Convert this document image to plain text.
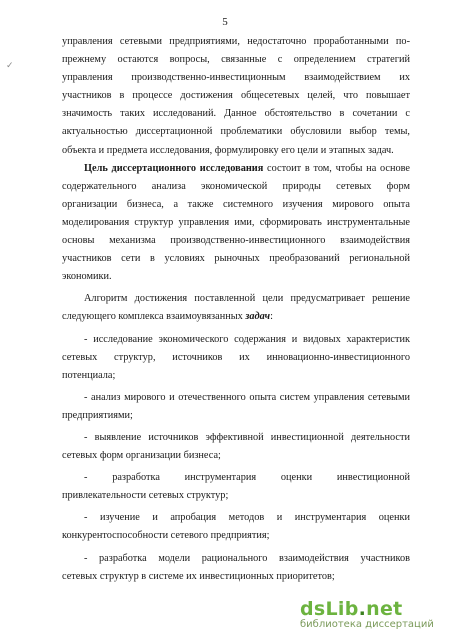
5
✓

управления сетевыми предприятиями, недостаточно проработанными по-
прежнему остаются вопросы, связанные с определением стратегий
управления производственно-инвестиционным взаимодействием их
участников в процессе достижения общесетевых целей, что повышает
значимость таких исследований. Данное обстоятельство в сочетании с
актуальностью диссертационной проблематики обусловили выбор темы,
объекта и предмета исследования, формулировку его цели и этапных задач.

Цель диссертационного исследования состоит в том, чтобы на основе
содержательного анализа экономической природы сетевых форм
организации бизнеса, а также системного изучения мирового опыта
моделирования структур управления ими, сформировать инструментальные
основы механизма производственно-инвестиционного взаимодействия
участников сети в условиях рыночных преобразований региональной
экономики.

Алгоритм достижения поставленной цели предусматривает решение
следующего комплекса взаимоувязанных задач:

- исследование экономического содержания и видовых характеристик
сетевых структур, источников их инновационно-инвестиционного
потенциала;

- анализ мирового и отечественного опыта систем управления сетевыми
предприятиями;

- выявление источников эффективной инвестиционной деятельности
сетевых форм организации бизнеса;

- разработка инструментария оценки инвестиционной
привлекательности сетевых структур;

- изучение и апробация методов и инструментария оценки
конкурентоспособности сетевого предприятия;

- разработка модели рационального взаимодействия участников
сетевых структур в системе их инвестиционных приоритетов;

dsLib.net
библиотека диссертаций
